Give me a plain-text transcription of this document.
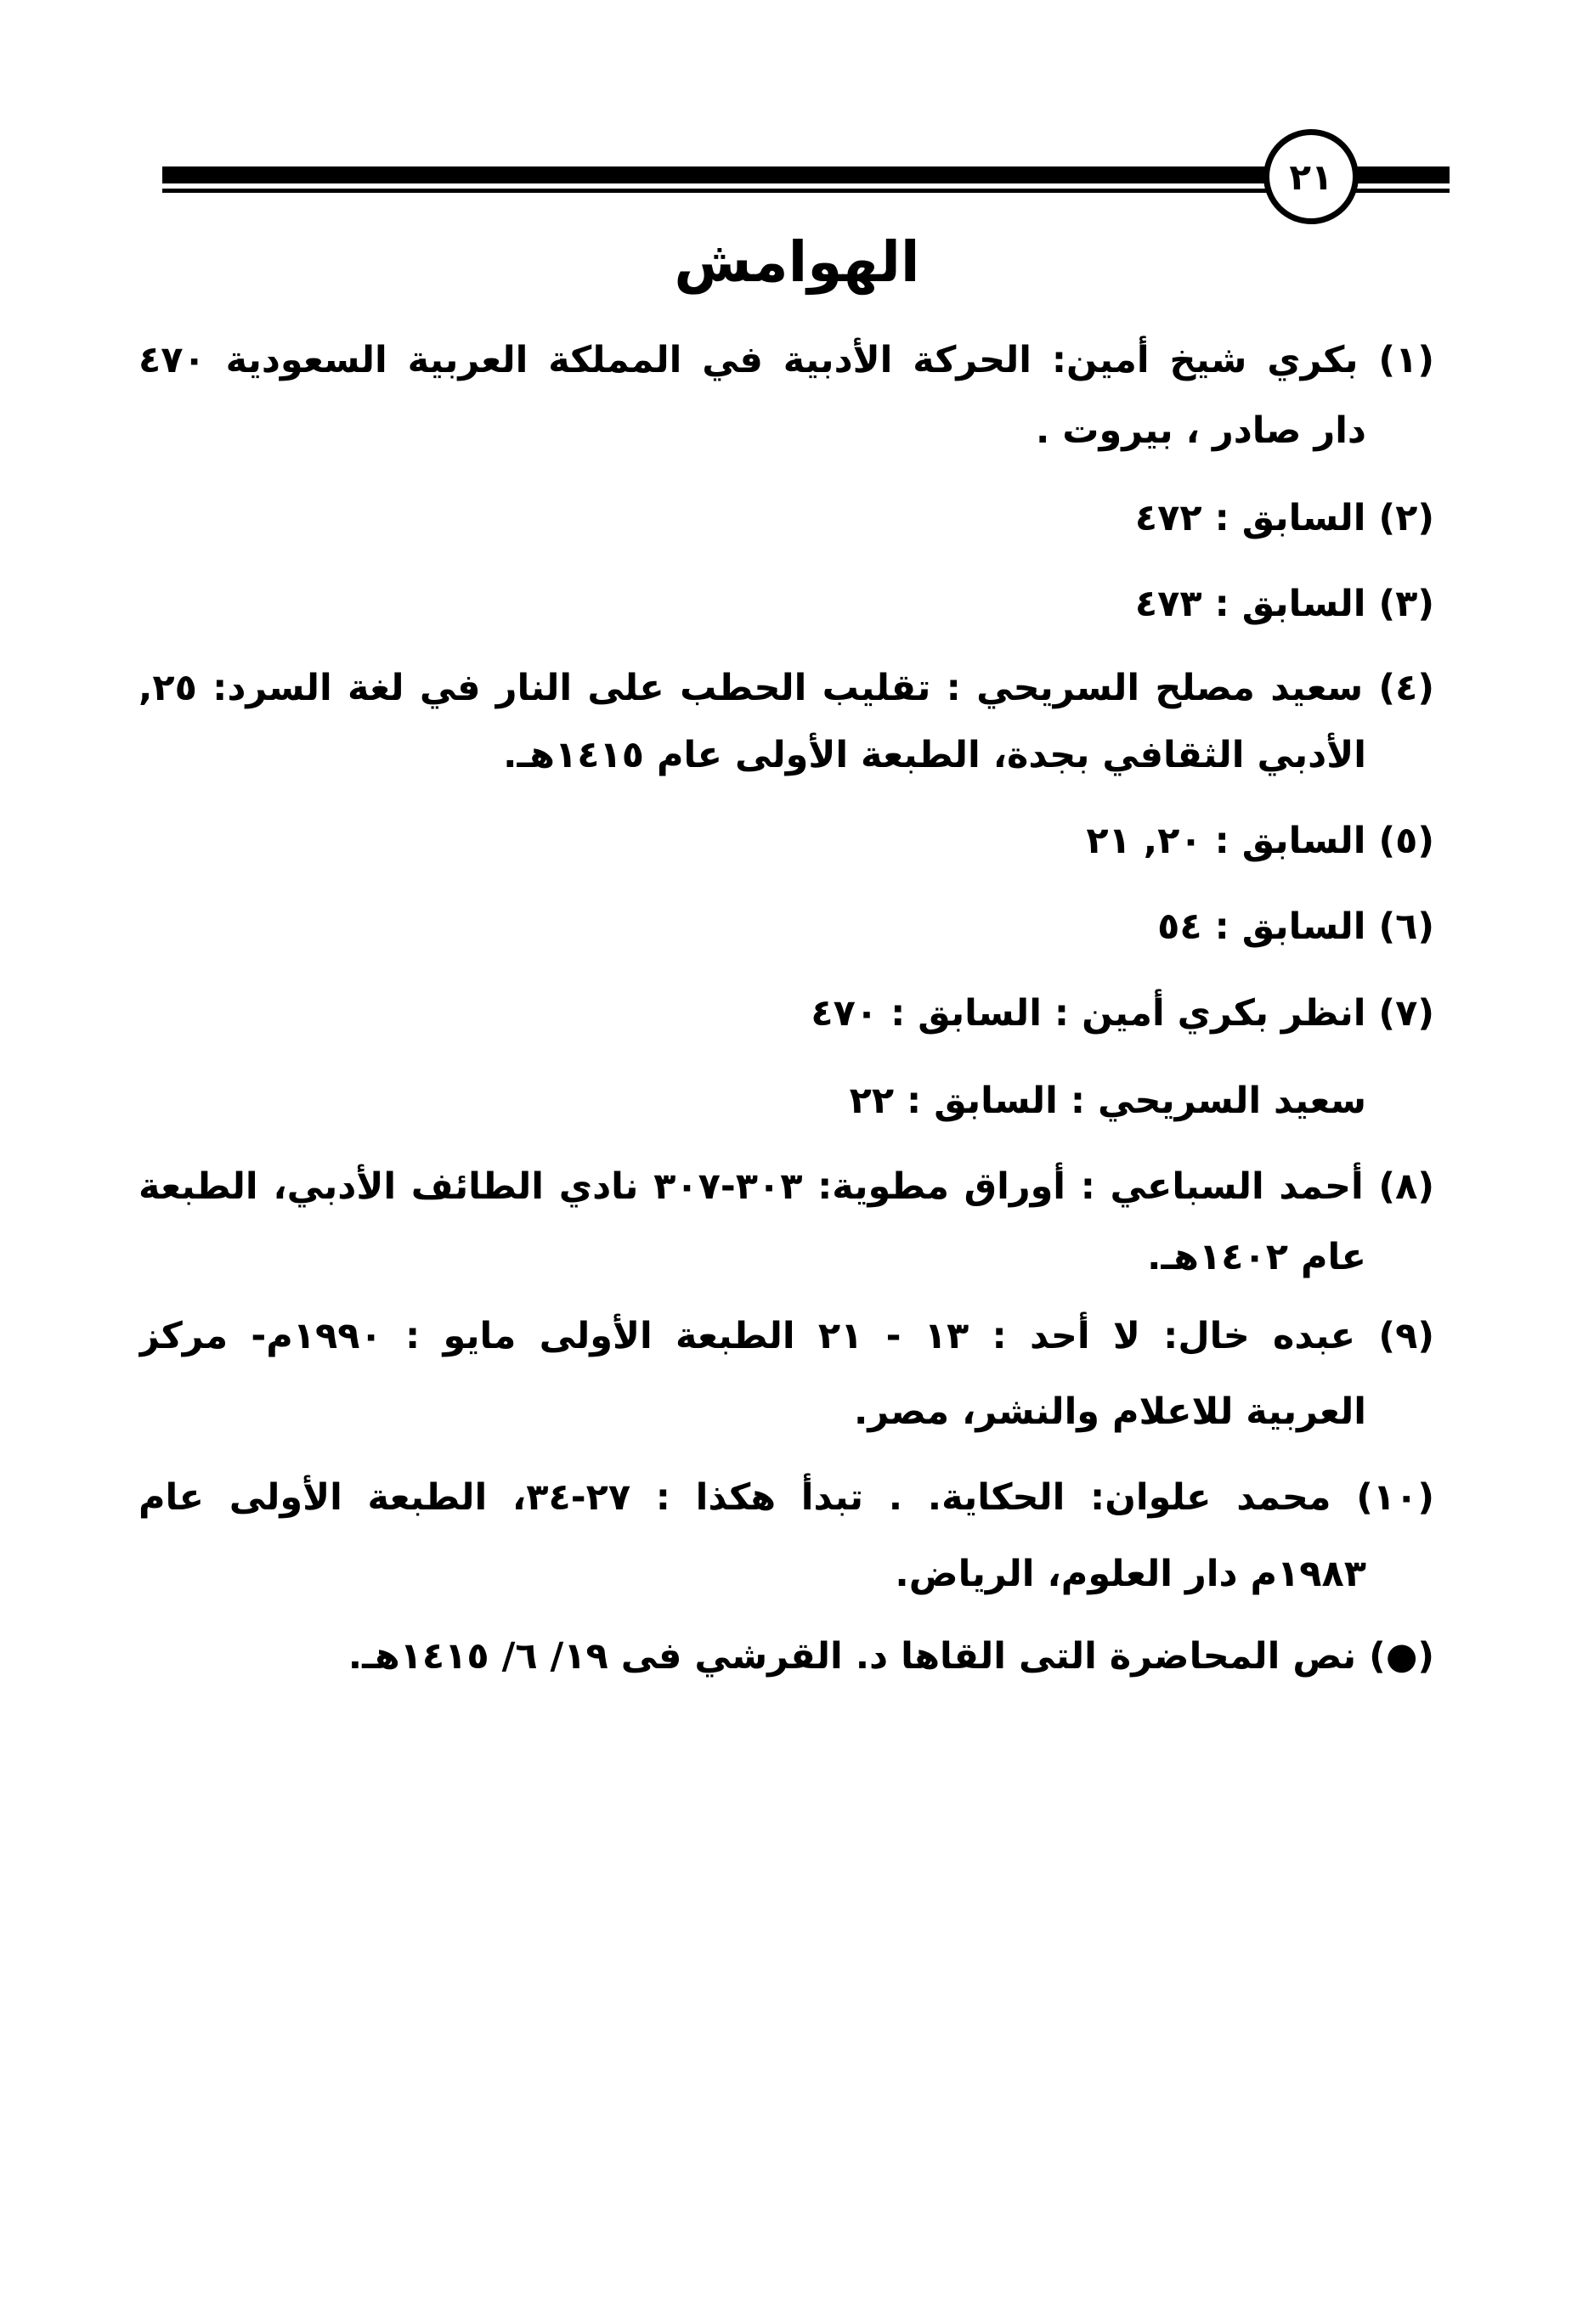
٢١
الهوامش
(١) بكري شيخ أمين: الحركة الأدبية في المملكة العربية السعودية ٤٧٠
دار صادر ، بيروت .
(٢) السابق : ٤٧٢
(٣) السابق : ٤٧٣
(٤) سعيد مصلح السريحي : تقليب الحطب على النار في لغة السرد: ٢٥,
الأدبي الثقافي بجدة، الطبعة الأولى عام ١٤١٥هـ.
(٥) السابق : ٢٠, ٢١
(٦) السابق : ٥٤
(٧) انظر بكري أمين : السابق : ٤٧٠
سعيد السريحي : السابق : ٢٢
(٨) أحمد السباعي : أوراق مطوية: ٣٠٣-٣٠٧ نادي الطائف الأدبي، الطبعة
عام ١٤٠٢هـ.
(٩) عبده خال: لا أحد : ١٣ - ٢١ الطبعة الأولى مايو : ١٩٩٠م- مركز
العربية للاعلام والنشر، مصر.
(١٠) محمد علوان: الحكاية. . تبدأ هكذا : ٢٧-٣٤، الطبعة الأولى عام
١٩٨٣م دار العلوم، الرياض.
(●) نص المحاضرة التى القاها د. القرشي فى ١٩/ ٦/ ١٤١٥هـ.
